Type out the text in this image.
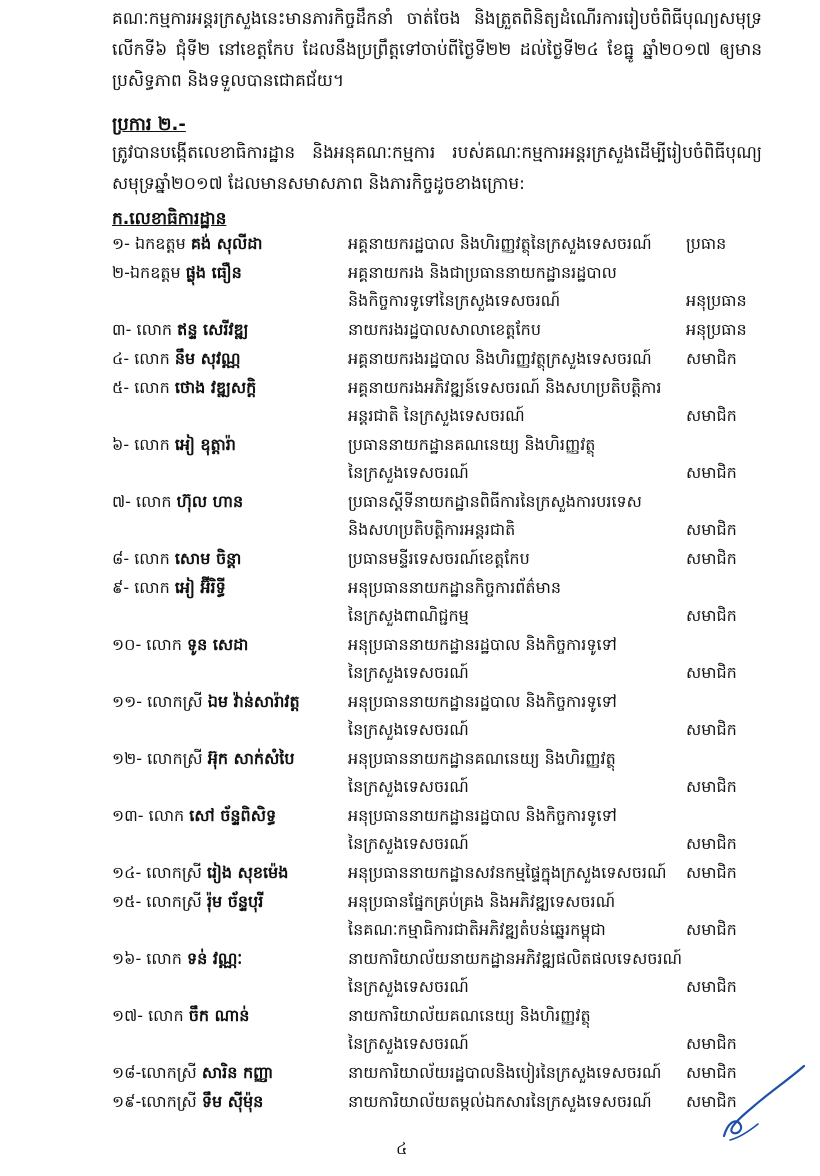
គណៈកម្មការអន្តរក្រសួងនេះមានភារកិច្ចដឹកនាំ ចាត់ចែង និងត្រួតពិនិត្យដំណើរការរៀបចំពិធីបុណ្យសមុទ្រលើកទី៦ ជុំទី២ នៅខេត្តកែប ដែលនឹងប្រព្រឹត្តទៅចាប់ពីថ្ងៃទី២២ ដល់ថ្ងៃទី២៤ ខែធ្នូ ឆ្នាំ២០១៧ ឲ្យមានប្រសិទ្ធភាព និងទទួលបានជោគជ័យ។

ប្រការ ២.-

ត្រូវបានបង្កើតលេខាធិការដ្ឋាន និងអនុគណៈកម្មការ របស់គណៈកម្មការអន្តរក្រសួងដើម្បីរៀបចំពិធីបុណ្យសមុទ្រឆ្នាំ២០១៧ ដែលមានសមាសភាព និងភារកិច្ចដូចខាងក្រោម:

ក.លេខាធិការដ្ឋាន
១- ឯកឧត្តម គង់ សុលីដា	អគ្គនាយករដ្ឋបាល និងហិរញ្ញវត្ថុនៃក្រសួងទេសចរណ៍	ប្រធាន
២-ឯកឧត្តម ផ្លុង ធឿន	អគ្គនាយករង និងជាប្រធាននាយកដ្ឋានរដ្ឋបាល
និងកិច្ចការទូទៅនៃក្រសួងទេសចរណ៍	អនុប្រធាន
៣- លោក ឥន្ទ សេរីវឌ្ឍ	នាយករងរដ្ឋបាលសាលាខេត្តកែប	អនុប្រធាន
៤- លោក នឹម សុវណ្ណ	អគ្គនាយករងរដ្ឋបាល និងហិរញ្ញវត្ថុក្រសួងទេសចរណ៍	សមាជិក
៥- លោក ថោង វឌ្ឍសក្តិ	អគ្គនាយករងអភិវឌ្ឍន៍ទេសចរណ៍ និងសហប្រតិបត្តិការ
អន្តរជាតិ នៃក្រសួងទេសចរណ៍	សមាជិក
៦- លោក អៀ ឧុត្តារ៉ា	ប្រធាននាយកដ្ឋានគណនេយ្យ និងហិរញ្ញវត្ថុ
នៃក្រសួងទេសចរណ៍	សមាជិក
៧- លោក ហ៊ុល ហាន	ប្រធានស្តីទីនាយកដ្ឋានពិធីការនៃក្រសួងការបរទេស
និងសហប្រតិបត្តិការអន្តរជាតិ	សមាជិក
៨- លោក សោម ចិន្តា	ប្រធានមន្ទីរទេសចរណ៍ខេត្តកែប	សមាជិក
៩- លោក អៀ អ៊ីរិទ្ធី	អនុប្រធាននាយកដ្ឋានកិច្ចការព័ត៌មាន
នៃក្រសួងពាណិជ្ជកម្ម	សមាជិក
១០- លោក ទូន សេដា	អនុប្រធាននាយកដ្ឋានរដ្ឋបាល និងកិច្ចការទូទៅ
នៃក្រសួងទេសចរណ៍	សមាជិក
១១- លោកស្រី ឯម វ៉ាន់សារ៉ាវត្ត	អនុប្រធាននាយកដ្ឋានរដ្ឋបាល និងកិច្ចការទូទៅ
នៃក្រសួងទេសចរណ៍	សមាជិក
១២- លោកស្រី អ៊ុក សាក់សំបៃ	អនុប្រធាននាយកដ្ឋានគណនេយ្យ និងហិរញ្ញវត្ថុ
នៃក្រសួងទេសចរណ៍	សមាជិក
១៣- លោក សៅ ច័ន្ទពិសិទ្ធ	អនុប្រធាននាយកដ្ឋានរដ្ឋបាល និងកិច្ចការទូទៅ
នៃក្រសួងទេសចរណ៍	សមាជិក
១៤- លោកស្រី រៀង សុខម៉េង	អនុប្រធាននាយកដ្ឋានសវនកម្មផ្ទៃក្នុងក្រសួងទេសចរណ៍	សមាជិក
១៥- លោកស្រី រ៉ុម ច័ន្ទបុរី	អនុប្រធានផ្នែកគ្រប់គ្រង និងអភិវឌ្ឍទេសចរណ៍
នៃគណៈកម្មាធិការជាតិអភិវឌ្ឍតំបន់ឆ្នេរកម្ពុជា	សមាជិក
១៦- លោក ទន់ វណ្ណៈ	នាយការិយាល័យនាយកដ្ឋានអភិវឌ្ឍផលិតផលទេសចរណ៍
នៃក្រសួងទេសចរណ៍	សមាជិក
១៧- លោក ចឹក ណាន់	នាយការិយាល័យគណនេយ្យ និងហិរញ្ញវត្ថុ
នៃក្រសួងទេសចរណ៍	សមាជិក
១៨-លោកស្រី សារិន កញ្ញា	នាយការិយាល័យរដ្ឋបាលនិងបៀរនៃក្រសួងទេសចរណ៍	សមាជិក
១៩-លោកស្រី ទឹម ស៊ីម៉ុន	នាយការិយាល័យតម្កល់ឯកសារនៃក្រសួងទេសចរណ៍	សមាជិក
៤
